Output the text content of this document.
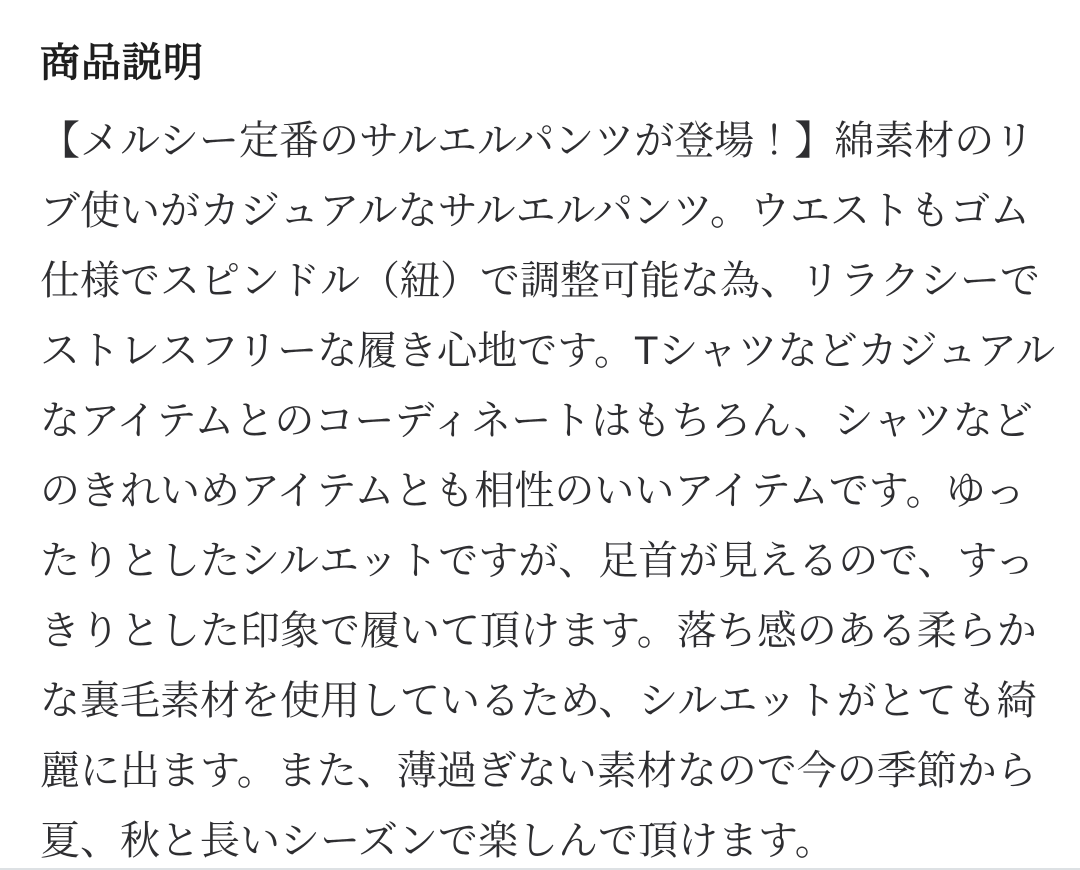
商品説明
【メルシー定番のサルエルパンツが登場！】綿素材のリ
ブ使いがカジュアルなサルエルパンツ。ウエストもゴム
仕様でスピンドル（紐）で調整可能な為、リラクシーで
ストレスフリーな履き心地です。Tシャツなどカジュアル
なアイテムとのコーディネートはもちろん、シャツなど
のきれいめアイテムとも相性のいいアイテムです。ゆっ
たりとしたシルエットですが、足首が見えるので、すっ
きりとした印象で履いて頂けます。落ち感のある柔らか
な裏毛素材を使用しているため、シルエットがとても綺
麗に出ます。また、薄過ぎない素材なので今の季節から
夏、秋と長いシーズンで楽しんで頂けます。
